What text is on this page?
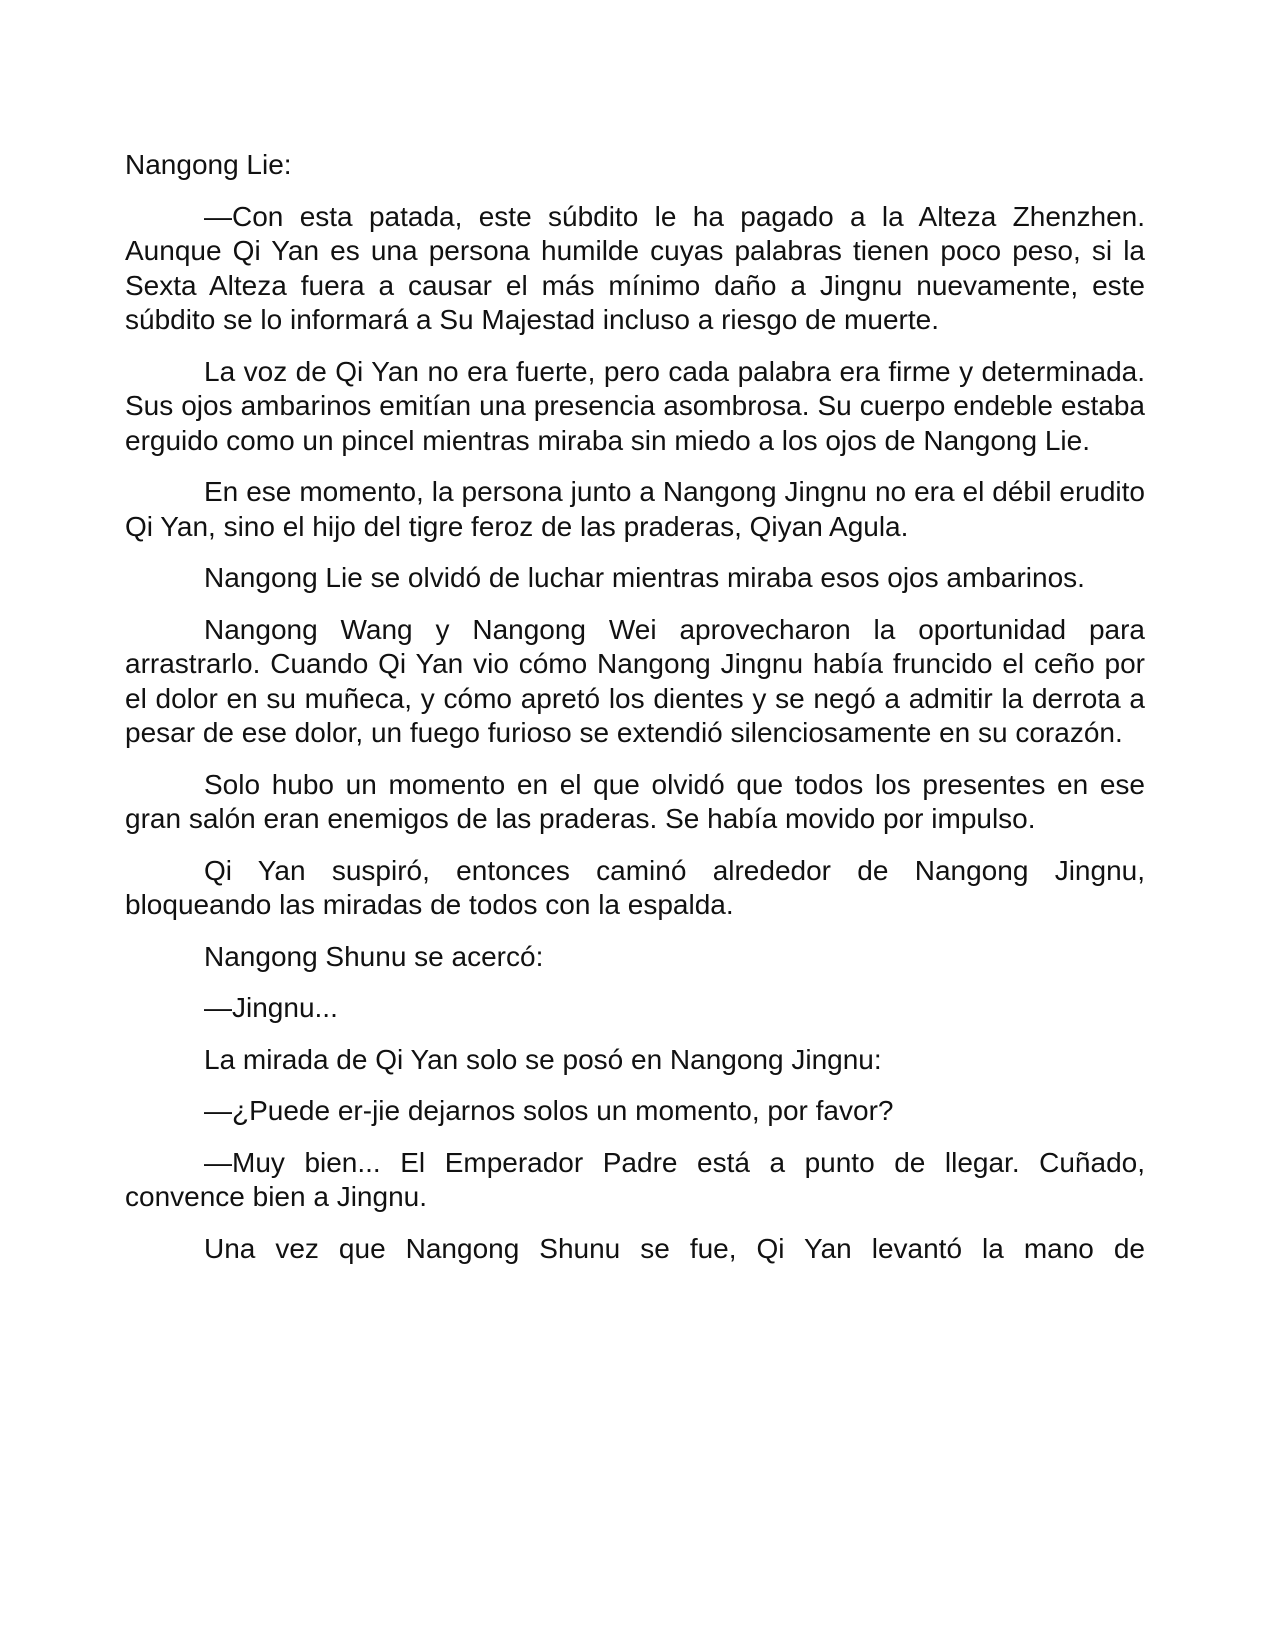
Nangong Lie:

—Con esta patada, este súbdito le ha pagado a la Alteza Zhenzhen. Aunque Qi Yan es una persona humilde cuyas palabras tienen poco peso, si la Sexta Alteza fuera a causar el más mínimo daño a Jingnu nuevamente, este súbdito se lo informará a Su Majestad incluso a riesgo de muerte.

La voz de Qi Yan no era fuerte, pero cada palabra era firme y determinada. Sus ojos ambarinos emitían una presencia asombrosa. Su cuerpo endeble estaba erguido como un pincel mientras miraba sin miedo a los ojos de Nangong Lie.

En ese momento, la persona junto a Nangong Jingnu no era el débil erudito Qi Yan, sino el hijo del tigre feroz de las praderas, Qiyan Agula.

Nangong Lie se olvidó de luchar mientras miraba esos ojos ambarinos.

Nangong Wang y Nangong Wei aprovecharon la oportunidad para arrastrarlo. Cuando Qi Yan vio cómo Nangong Jingnu había fruncido el ceño por el dolor en su muñeca, y cómo apretó los dientes y se negó a admitir la derrota a pesar de ese dolor, un fuego furioso se extendió silenciosamente en su corazón.

Solo hubo un momento en el que olvidó que todos los presentes en ese gran salón eran enemigos de las praderas. Se había movido por impulso.

Qi Yan suspiró, entonces caminó alrededor de Nangong Jingnu, bloqueando las miradas de todos con la espalda.

Nangong Shunu se acercó:

—Jingnu...

La mirada de Qi Yan solo se posó en Nangong Jingnu:

—¿Puede er-jie dejarnos solos un momento, por favor?

—Muy bien... El Emperador Padre está a punto de llegar. Cuñado, convence bien a Jingnu.

Una vez que Nangong Shunu se fue, Qi Yan levantó la mano de
